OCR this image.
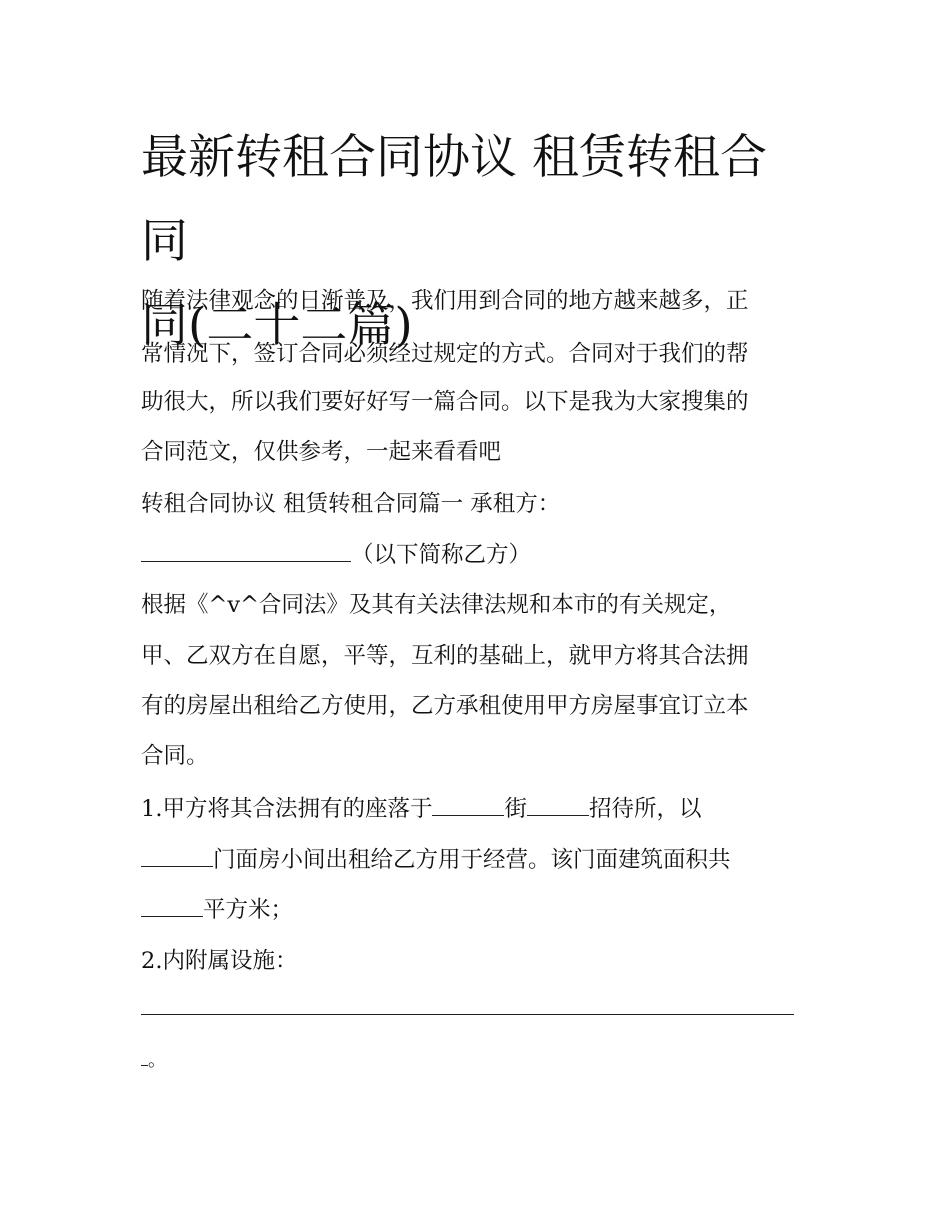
最新转租合同协议 租赁转租合同
同(二十二篇)
随着法律观念的日渐普及，我们用到合同的地方越来越多，正
常情况下，签订合同必须经过规定的方式。合同对于我们的帮
助很大，所以我们要好好写一篇合同。以下是我为大家搜集的
合同范文，仅供参考，一起来看看吧
转租合同协议 租赁转租合同篇一 承租方：
（以下简称乙方）
根据《^v^合同法》及其有关法律法规和本市的有关规定，
甲、乙双方在自愿，平等，互利的基础上，就甲方将其合法拥
有的房屋出租给乙方使用，乙方承租使用甲方房屋事宜订立本
合同。
1.甲方将其合法拥有的座落于	街	招待所，以
门面房小间出租给乙方用于经营。该门面建筑面积共
平方米；
2.内附属设施：
。
